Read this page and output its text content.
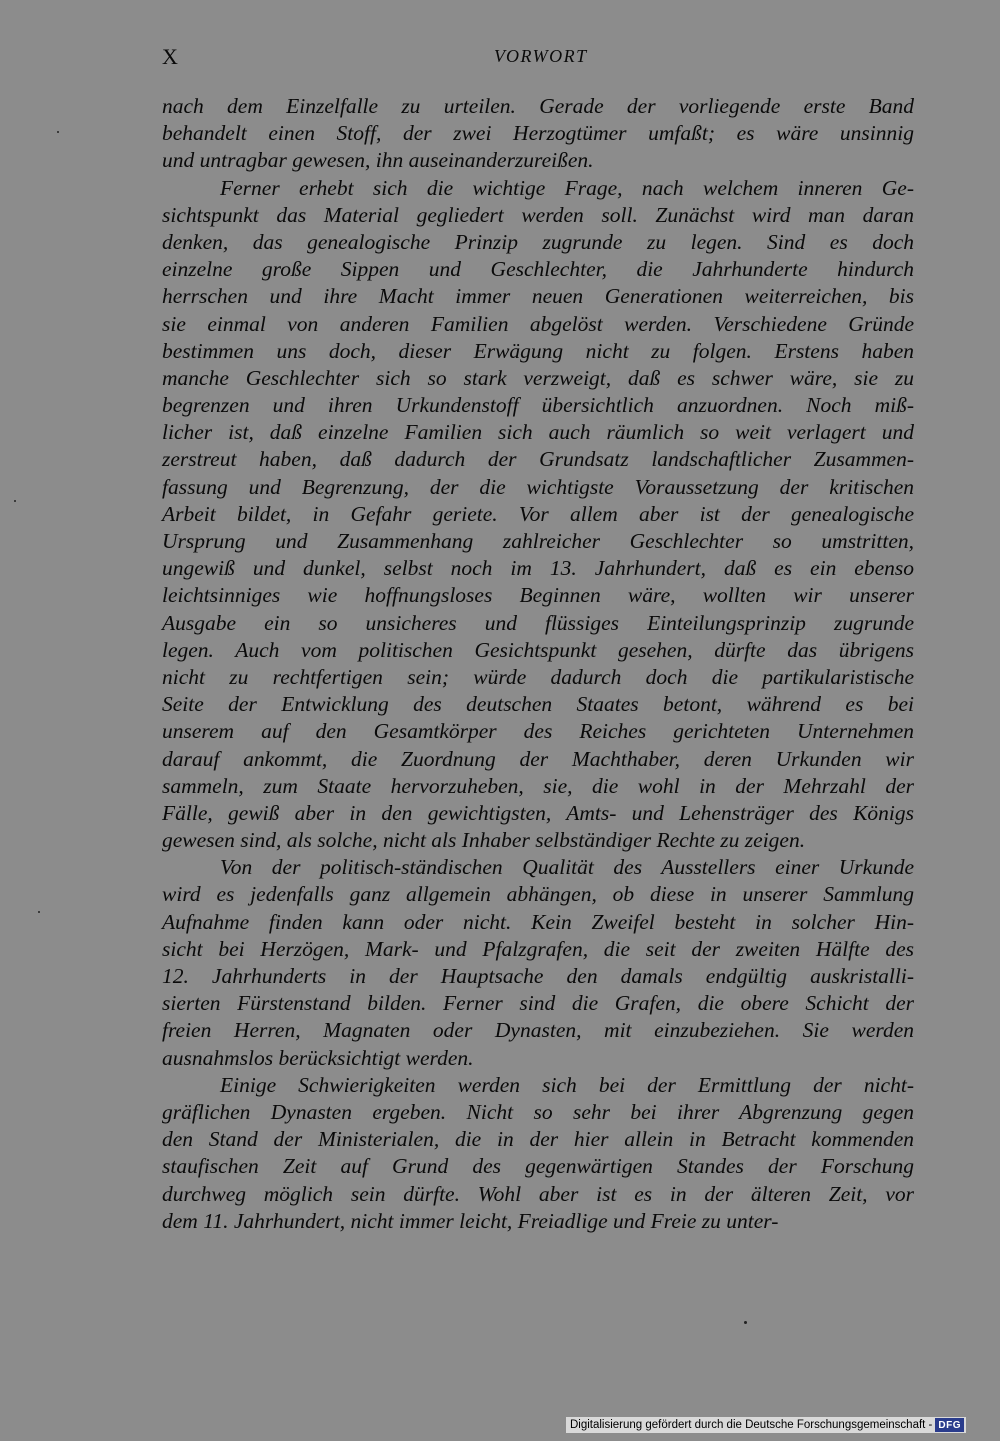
X	VORWORT
nach dem Einzelfalle zu urteilen. Gerade der vorliegende erste Band
behandelt einen Stoff, der zwei Herzogtümer umfaßt; es wäre unsinnig
und untragbar gewesen, ihn auseinanderzureißen.
Ferner erhebt sich die wichtige Frage, nach welchem inneren Ge-
sichtspunkt das Material gegliedert werden soll. Zunächst wird man daran
denken, das genealogische Prinzip zugrunde zu legen. Sind es doch
einzelne große Sippen und Geschlechter, die Jahrhunderte hindurch
herrschen und ihre Macht immer neuen Generationen weiterreichen, bis
sie einmal von anderen Familien abgelöst werden. Verschiedene Gründe
bestimmen uns doch, dieser Erwägung nicht zu folgen. Erstens haben
manche Geschlechter sich so stark verzweigt, daß es schwer wäre, sie zu
begrenzen und ihren Urkundenstoff übersichtlich anzuordnen. Noch miß-
licher ist, daß einzelne Familien sich auch räumlich so weit verlagert und
zerstreut haben, daß dadurch der Grundsatz landschaftlicher Zusammen-
fassung und Begrenzung, der die wichtigste Voraussetzung der kritischen
Arbeit bildet, in Gefahr geriete. Vor allem aber ist der genealogische
Ursprung und Zusammenhang zahlreicher Geschlechter so umstritten,
ungewiß und dunkel, selbst noch im 13. Jahrhundert, daß es ein ebenso
leichtsinniges wie hoffnungsloses Beginnen wäre, wollten wir unserer
Ausgabe ein so unsicheres und flüssiges Einteilungsprinzip zugrunde
legen. Auch vom politischen Gesichtspunkt gesehen, dürfte das übrigens
nicht zu rechtfertigen sein; würde dadurch doch die partikularistische
Seite der Entwicklung des deutschen Staates betont, während es bei
unserem auf den Gesamtkörper des Reiches gerichteten Unternehmen
darauf ankommt, die Zuordnung der Machthaber, deren Urkunden wir
sammeln, zum Staate hervorzuheben, sie, die wohl in der Mehrzahl der
Fälle, gewiß aber in den gewichtigsten, Amts- und Lehensträger des Königs
gewesen sind, als solche, nicht als Inhaber selbständiger Rechte zu zeigen.
Von der politisch-ständischen Qualität des Ausstellers einer Urkunde
wird es jedenfalls ganz allgemein abhängen, ob diese in unserer Sammlung
Aufnahme finden kann oder nicht. Kein Zweifel besteht in solcher Hin-
sicht bei Herzögen, Mark- und Pfalzgrafen, die seit der zweiten Hälfte des
12. Jahrhunderts in der Hauptsache den damals endgültig auskristalli-
sierten Fürstenstand bilden. Ferner sind die Grafen, die obere Schicht der
freien Herren, Magnaten oder Dynasten, mit einzubeziehen. Sie werden
ausnahmslos berücksichtigt werden.
Einige Schwierigkeiten werden sich bei der Ermittlung der nicht-
gräflichen Dynasten ergeben. Nicht so sehr bei ihrer Abgrenzung gegen
den Stand der Ministerialen, die in der hier allein in Betracht kommenden
staufischen Zeit auf Grund des gegenwärtigen Standes der Forschung
durchweg möglich sein dürfte. Wohl aber ist es in der älteren Zeit, vor
dem 11. Jahrhundert, nicht immer leicht, Freiadlige und Freie zu unter-
Digitalisierung gefördert durch die Deutsche Forschungsgemeinschaft - DFG
